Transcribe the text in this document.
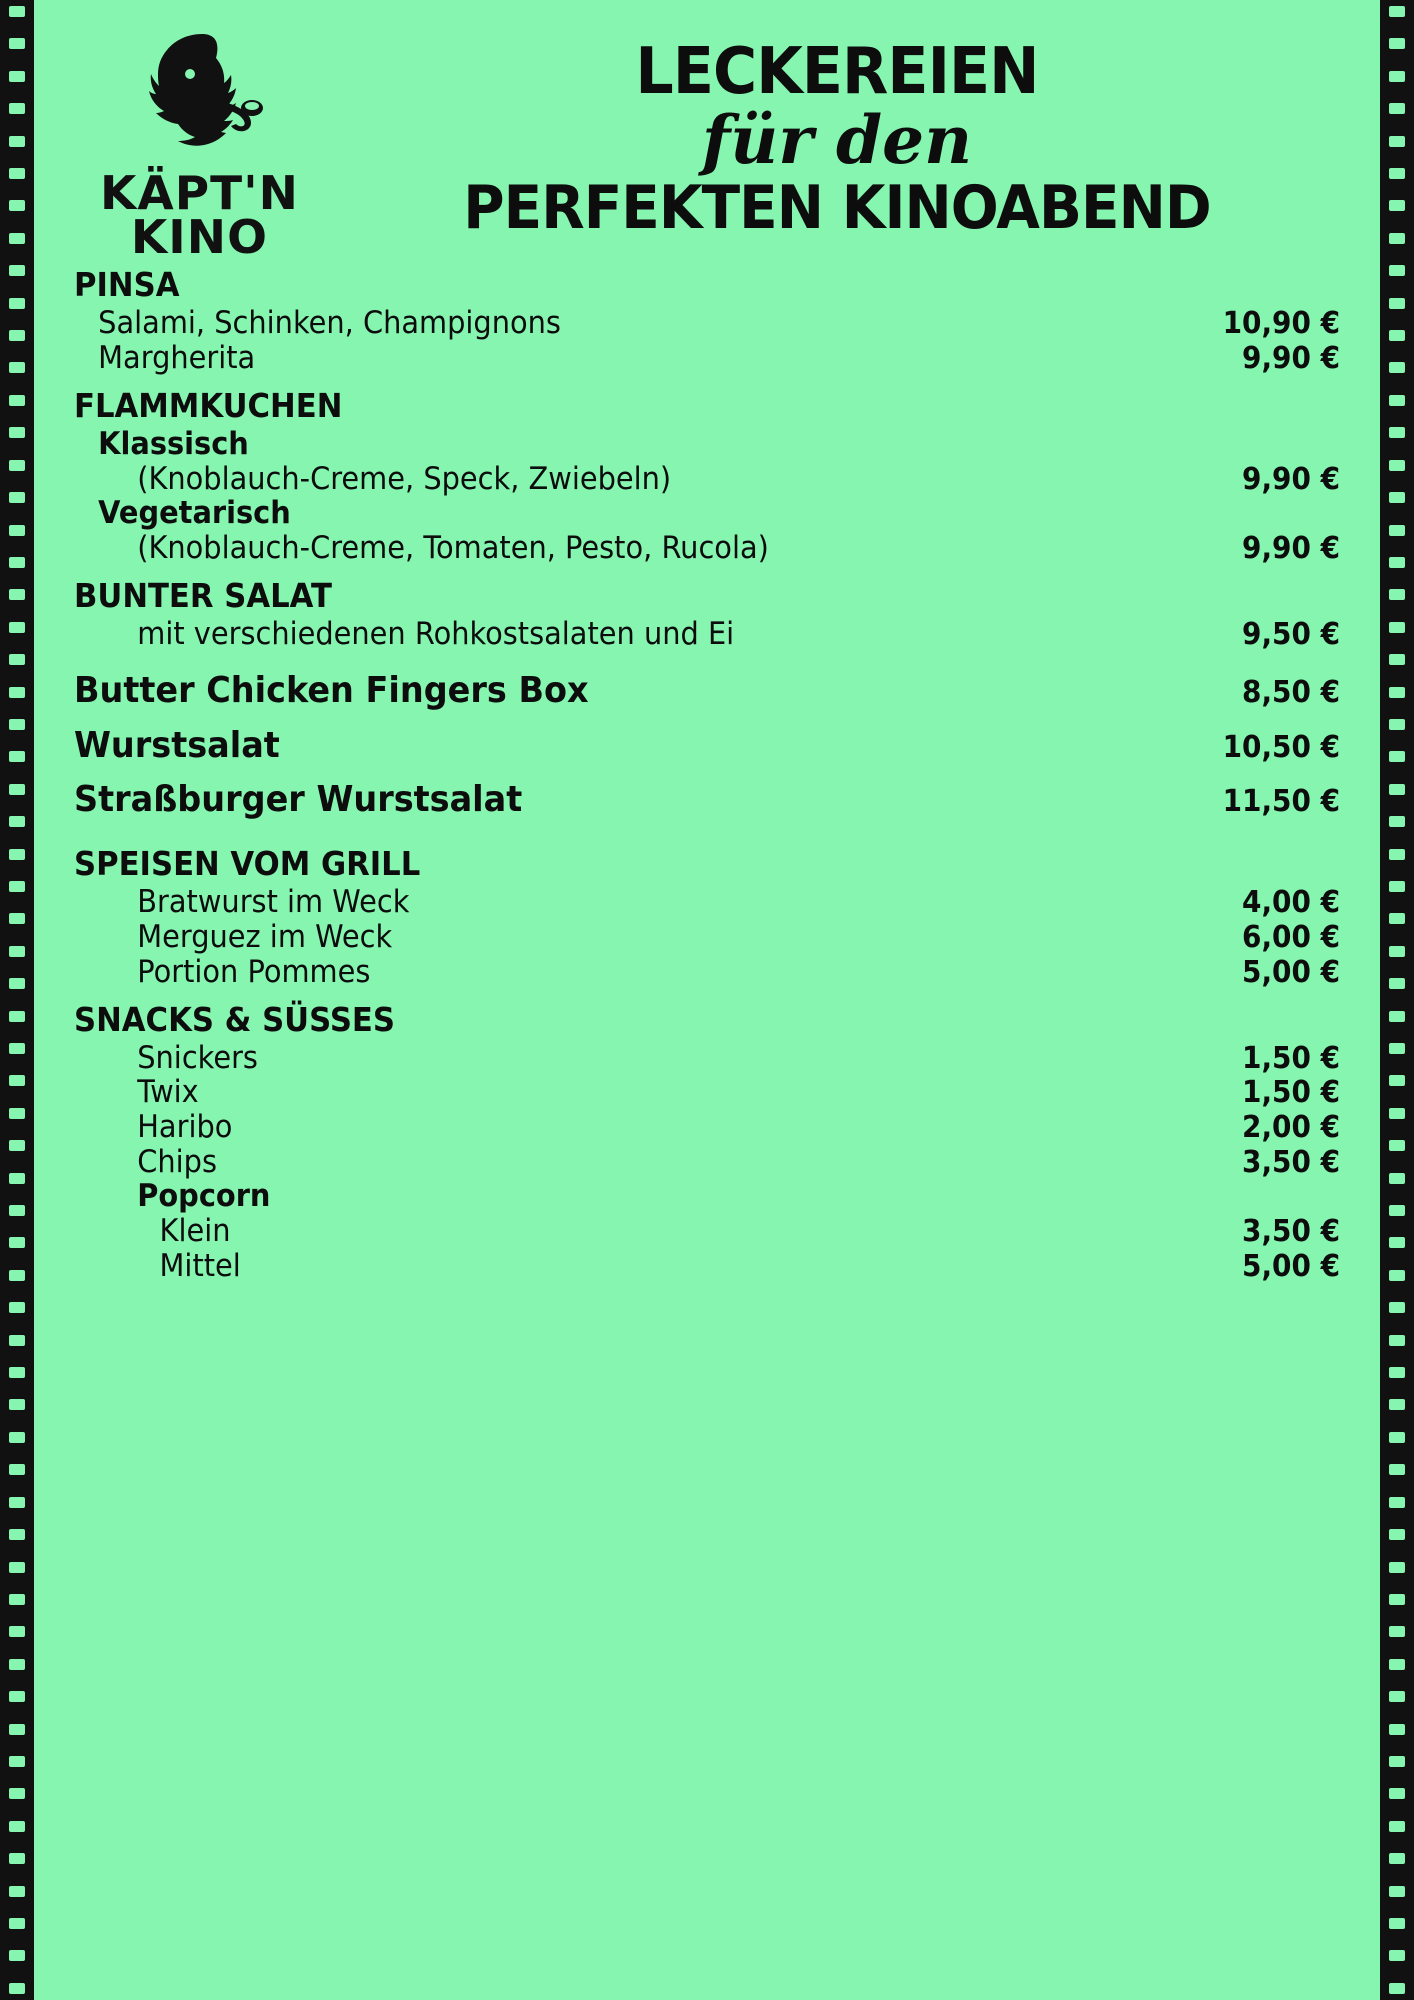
KÄPT'N
KINO
LECKEREIEN
für den
PERFEKTEN KINOABEND
PINSA
Salami, Schinken, Champignons	10,90 €
Margherita	9,90 €
FLAMMKUCHEN
Klassisch
(Knoblauch-Creme, Speck, Zwiebeln)	9,90 €
Vegetarisch
(Knoblauch-Creme, Tomaten, Pesto, Rucola)	9,90 €
BUNTER SALAT
mit verschiedenen Rohkostsalaten und Ei	9,50 €
Butter Chicken Fingers Box	8,50 €
Wurstsalat	10,50 €
Straßburger Wurstsalat	11,50 €
SPEISEN VOM GRILL
Bratwurst im Weck	4,00 €
Merguez im Weck	6,00 €
Portion Pommes	5,00 €
SNACKS & SÜSSES
Snickers	1,50 €
Twix	1,50 €
Haribo	2,00 €
Chips	3,50 €
Popcorn
Klein	3,50 €
Mittel	5,00 €
